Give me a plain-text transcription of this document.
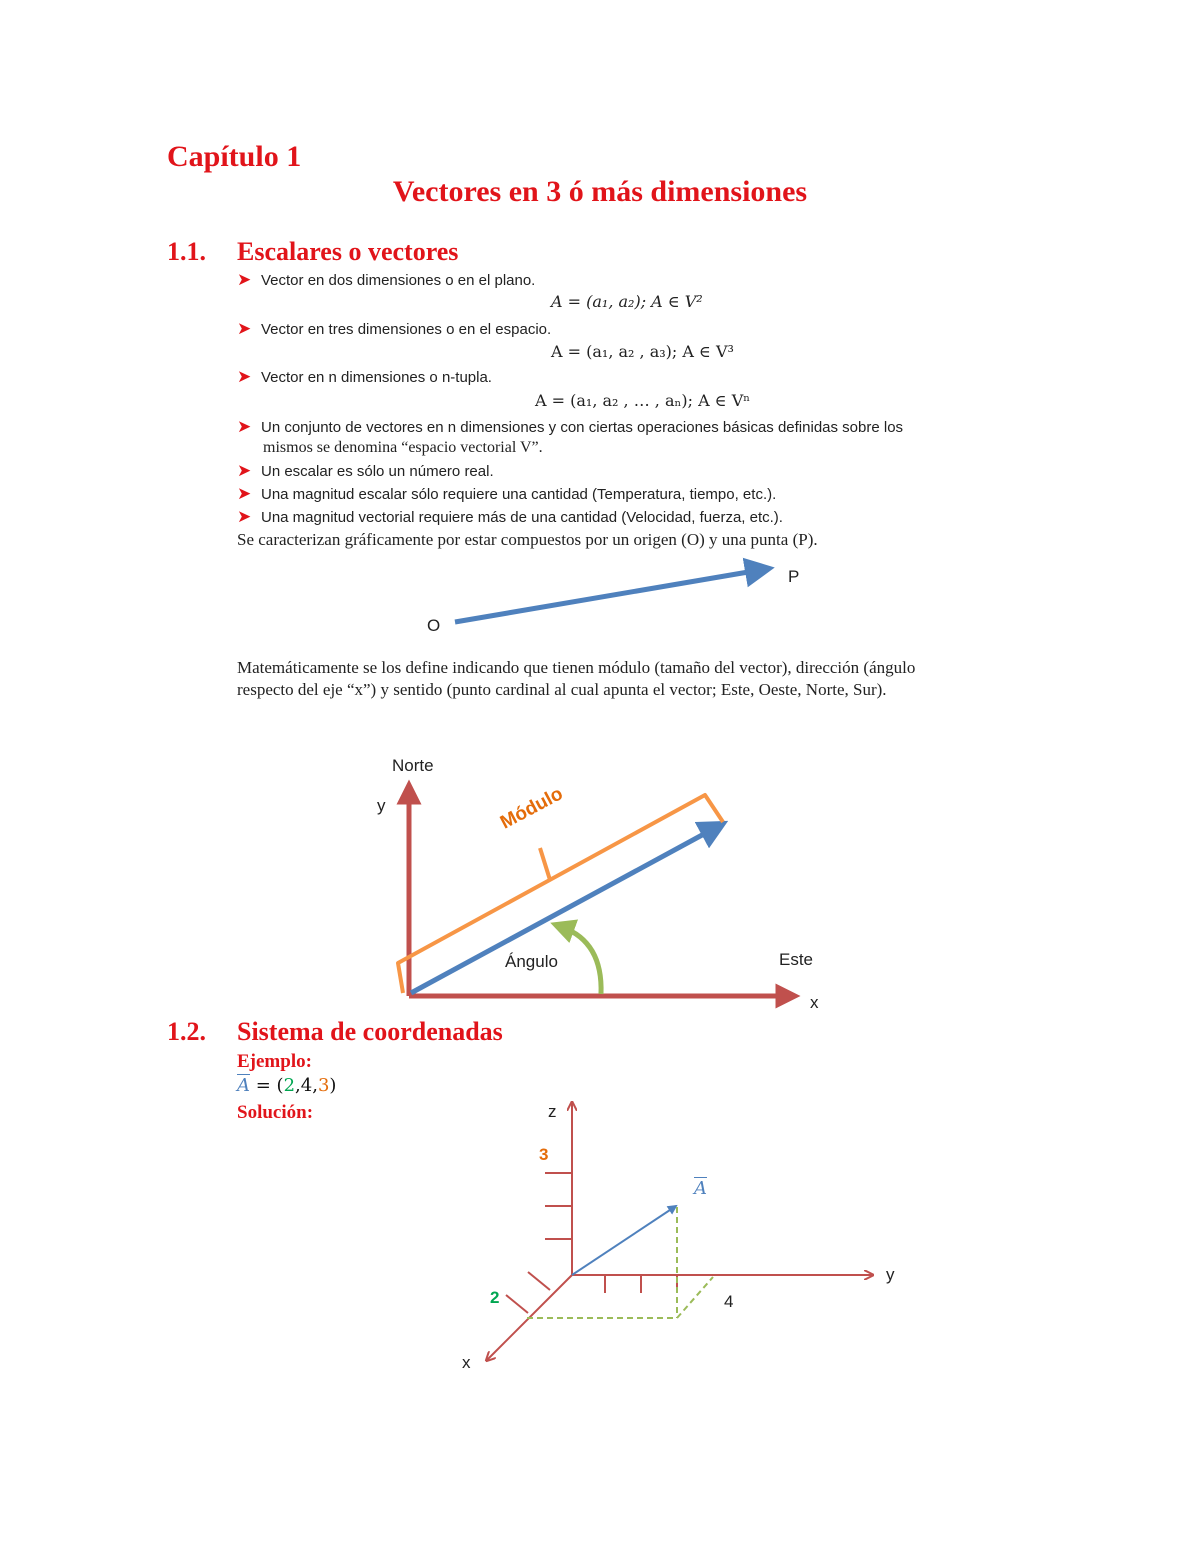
Capítulo 1
Vectores en 3 ó más dimensiones
1.1. Escalares o vectores
➤ Vector en dos dimensiones o en el plano.
A = (a₁, a₂); A ∈ V²
➤ Vector en tres dimensiones o en el espacio.
A = (a₁, a₂ , a₃); A ∈ V³
➤ Vector en n dimensiones o n-tupla.
A = (a₁, a₂ , … , aₙ); A ∈ Vⁿ
➤ Un conjunto de vectores en n dimensiones y con ciertas operaciones básicas definidas sobre los
mismos se denomina “espacio vectorial V”.
➤ Un escalar es sólo un número real.
➤ Una magnitud escalar sólo requiere una cantidad (Temperatura, tiempo, etc.).
➤ Una magnitud vectorial requiere más de una cantidad (Velocidad, fuerza, etc.).
Se caracterizan gráficamente por estar compuestos por un origen (O) y una punta (P).
O
P
Matemáticamente se los define indicando que tienen módulo (tamaño del vector), dirección (ángulo
respecto del eje “x”) y sentido (punto cardinal al cual apunta el vector; Este, Oeste, Norte, Sur).
Norte
y	Módulo
Ángulo	Este
x
1.2. Sistema de coordenadas
Ejemplo:
$\overline{A} = (2,4,3)$
Solución:	z
3
$\overline{A}$
y
4
2
x
